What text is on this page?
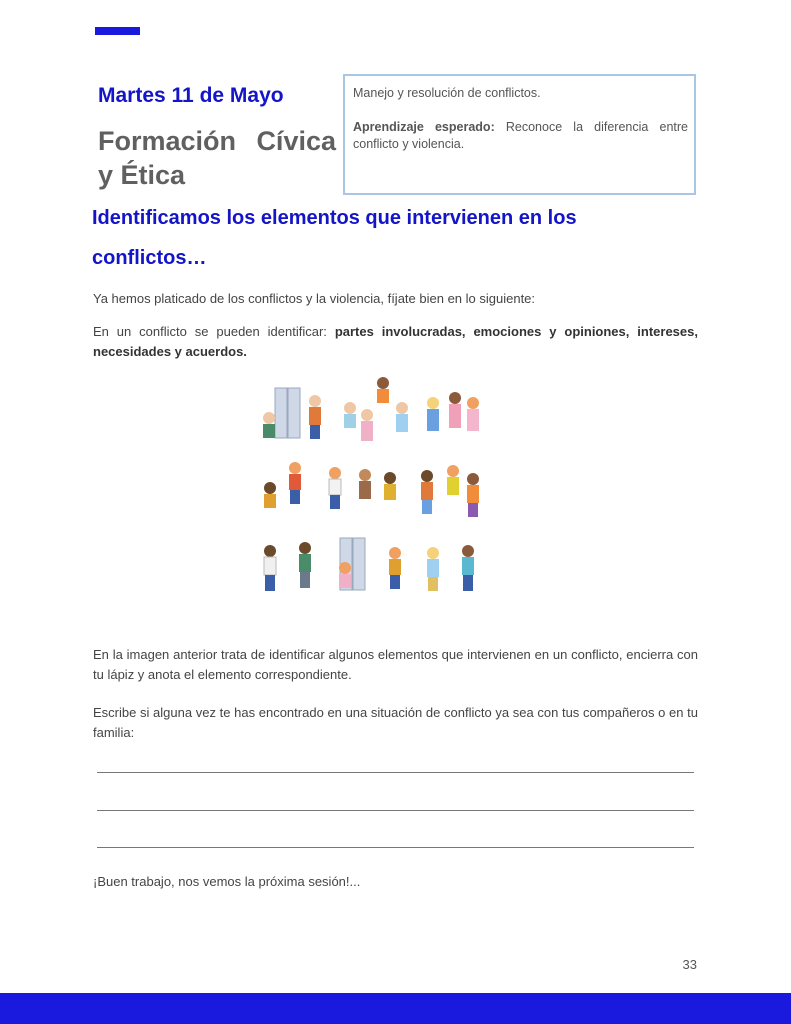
Martes 11 de Mayo
Formación Cívica
y Ética

Manejo y resolución de conflictos.

Aprendizaje esperado: Reconoce la diferencia entre conflicto y violencia.

Identificamos los elementos que intervienen en los conflictos…
Ya hemos platicado de los conflictos y la violencia, fíjate bien en lo siguiente:
En un conflicto se pueden identificar: partes involucradas, emociones y opiniones, intereses, necesidades y acuerdos.
En la imagen anterior trata de identificar algunos elementos que intervienen en un conflicto, encierra con tu lápiz y anota el elemento correspondiente.
Escribe si alguna vez te has encontrado en una situación de conflicto ya sea con tus compañeros o en tu familia:
¡Buen trabajo, nos vemos la próxima sesión!...
33
